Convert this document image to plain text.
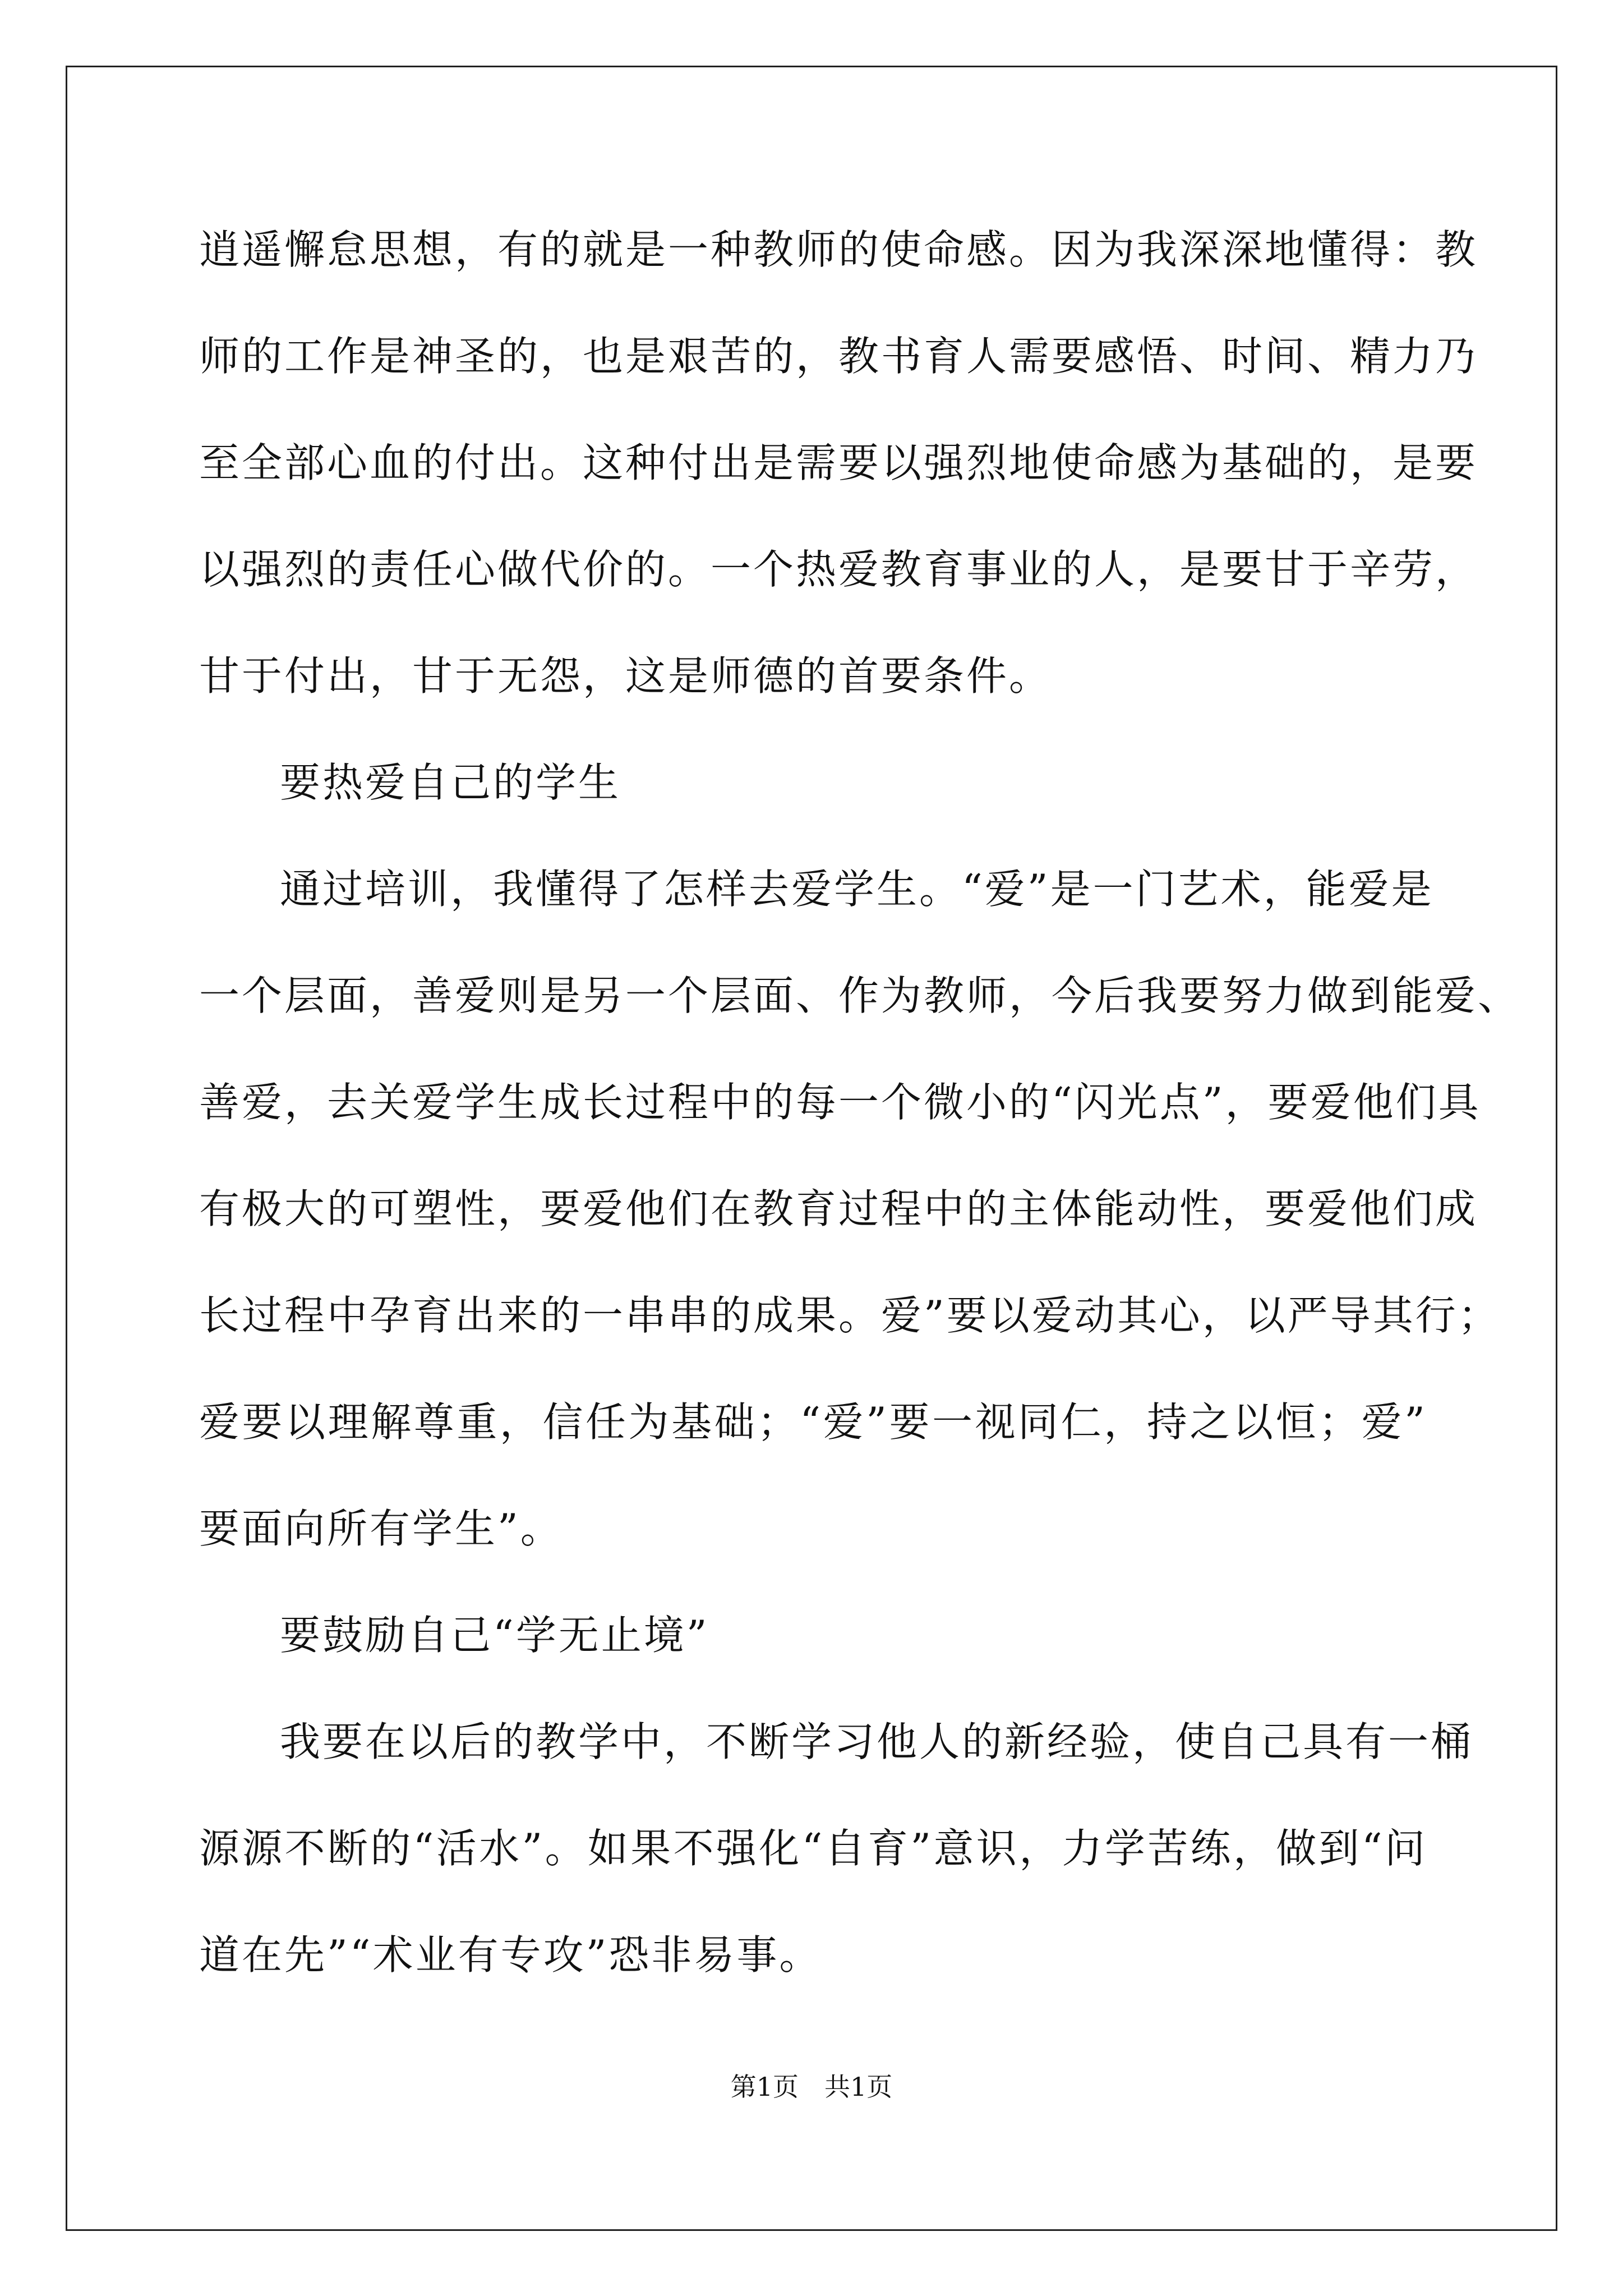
逍遥懈怠思想，有的就是一种教师的使命感。因为我深深地懂得：教
师的工作是神圣的，也是艰苦的，教书育人需要感悟、时间、精力乃
至全部心血的付出。这种付出是需要以强烈地使命感为基础的，是要
以强烈的责任心做代价的。一个热爱教育事业的人，是要甘于辛劳，
甘于付出，甘于无怨，这是师德的首要条件。
要热爱自己的学生
通过培训，我懂得了怎样去爱学生。“爱”是一门艺术，能爱是
一个层面，善爱则是另一个层面、作为教师，今后我要努力做到能爱、
善爱，去关爱学生成长过程中的每一个微小的“闪光点”，要爱他们具
有极大的可塑性，要爱他们在教育过程中的主体能动性，要爱他们成
长过程中孕育出来的一串串的成果。爱”要以爱动其心，以严导其行；
爱要以理解尊重，信任为基础；“爱”要一视同仁，持之以恒；爱”
要面向所有学生”。
要鼓励自己“学无止境”
我要在以后的教学中，不断学习他人的新经验，使自己具有一桶
源源不断的“活水”。如果不强化“自育”意识，力学苦练，做到“问
道在先”“术业有专攻”恐非易事。
第1页　共1页
